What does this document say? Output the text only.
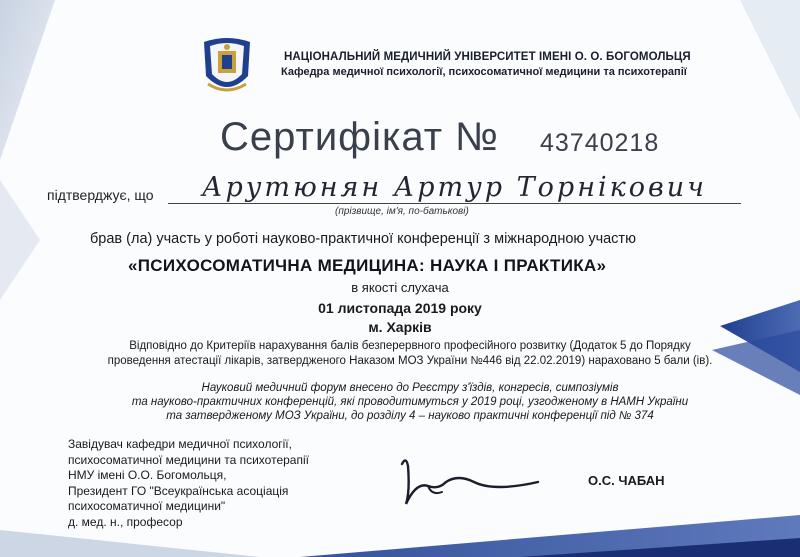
НАЦІОНАЛЬНИЙ МЕДИЧНИЙ УНІВЕРСИТЕТ ІМЕНІ О. О. БОГОМОЛЬЦЯ
Кафедра медичної психології, психосоматичної медицини та психотерапії
Сертифікат № 43740218
підтверджує, що Арутюнян Артур Торнікович
(прізвище, ім'я, по-батькові)
брав (ла) участь у роботі науково-практичної конференції з міжнародною участю
«ПСИХОСОМАТИЧНА МЕДИЦИНА: НАУКА І ПРАКТИКА»
в якості слухача
01 листопада 2019 року
м. Харків
Відповідно до Критеріїв нарахування балів безперервного професійного розвитку (Додаток 5 до Порядку
проведення атестації лікарів, затвердженого Наказом МОЗ України №446 від 22.02.2019) нараховано 5 бали (ів).
Науковий медичний форум внесено до Реєстру з'їздів, конгресів, симпозіумів
та науково-практичних конференцій, які проводитимуться у 2019 році, узгодженому в НАМН України
та затвердженому МОЗ України, до розділу 4 – науково практичні конференції під № 374
Завідувач кафедри медичної психології,
психосоматичної медицини та психотерапії
НМУ імені О.О. Богомольця,
Президент ГО "Всеукраїнська асоціація
психосоматичної медицини"
д. мед. н., професор
О.С. ЧАБАН
